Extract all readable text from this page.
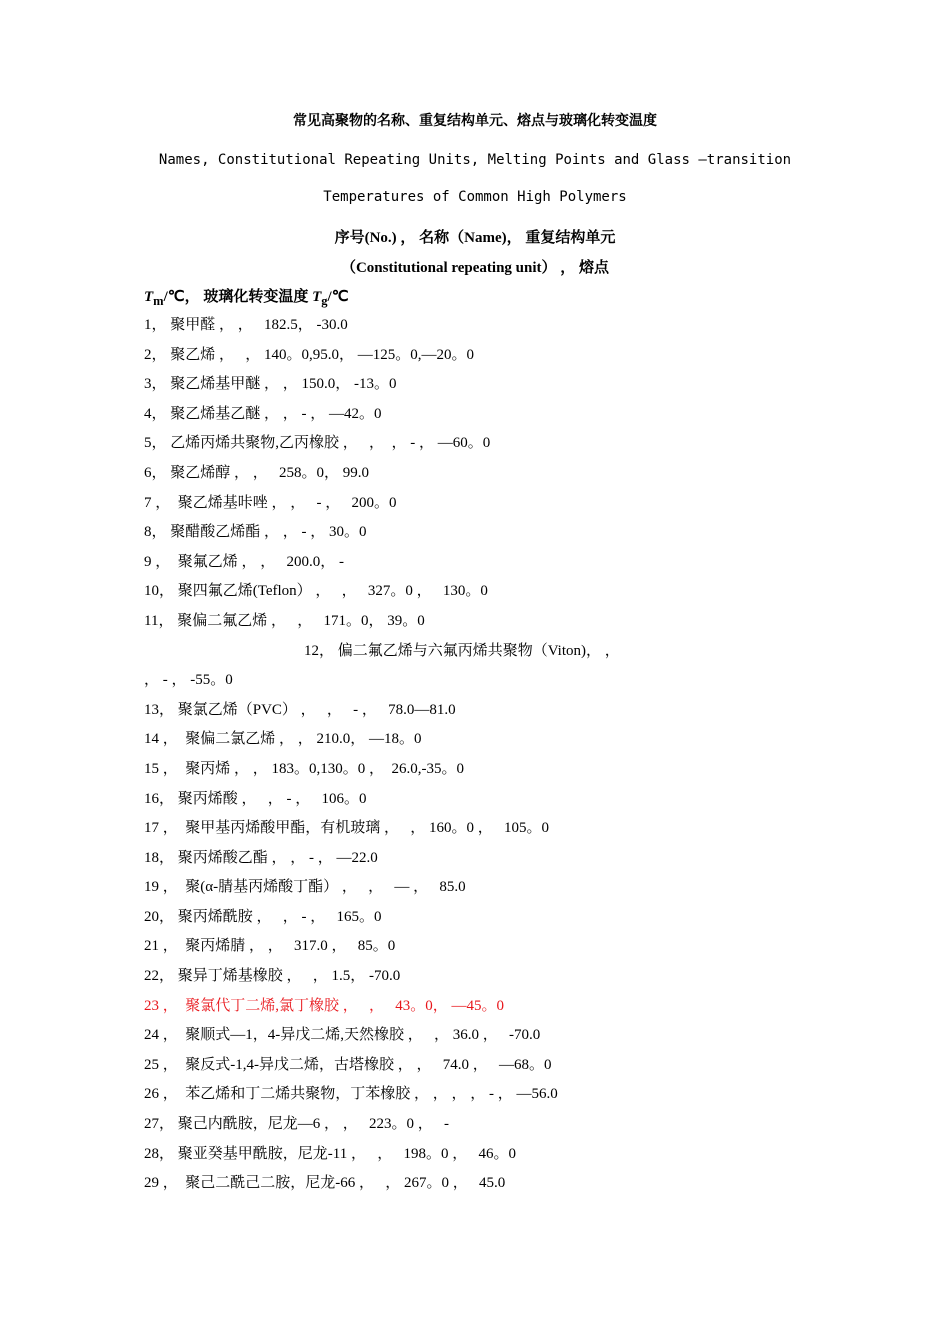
常见高聚物的名称、重复结构单元、熔点与玻璃化转变温度
Names, Constitutional Repeating Units, Melting Points and Glass —transition
Temperatures of Common High Polymers
序号(No.) ， 名称（Name)， 重复结构单元
（Constitutional repeating unit） ， 熔点
$T_m/℃$， 玻璃化转变温度 $T_g/℃$
1， 聚甲醛 ， ，   182.5， -30.0
2， 聚乙烯 ，   ， 140。0,95.0， —125。0,—20。0
3， 聚乙烯基甲醚 ， ， 150.0， -13。0
4， 聚乙烯基乙醚 ， ， - ， —42。0
5， 乙烯丙烯共聚物,乙丙橡胶 ，   ，  ， - ， —60。0
6， 聚乙烯醇 ， ，   258。0， 99.0
7 ，  聚乙烯基咔唑 ， ，   - ，   200。0
8， 聚醋酸乙烯酯 ， ， - ， 30。0
9 ，  聚氟乙烯 ， ，   200.0， -
10， 聚四氟乙烯(Teflon） ，   ，   327。0 ，   130。0
11， 聚偏二氟乙烯 ，   ，   171。0， 39。0
12， 偏二氟乙烯与六氟丙烯共聚物（Viton)， ，
， - ， -55。0
13， 聚氯乙烯（PVC） ，   ，   - ，   78.0—81.0
14 ，  聚偏二氯乙烯 ， ， 210.0， —18。0
15 ，  聚丙烯 ， ， 183。0,130。0 ，  26.0,-35。0
16， 聚丙烯酸 ，   ， - ，   106。0
17 ，  聚甲基丙烯酸甲酯，有机玻璃 ，   ， 160。0 ，   105。0
18， 聚丙烯酸乙酯 ， ， - ， —22.0
19 ，  聚(α-腈基丙烯酸丁酯） ，   ，   — ，   85.0
20， 聚丙烯酰胺 ，   ， - ，   165。0
21 ，  聚丙烯腈 ， ，   317.0 ，   85。0
22， 聚异丁烯基橡胶 ，   ， 1.5， -70.0
23 ，  聚氯代丁二烯,氯丁橡胶 ，   ，   43。0， —45。0
24 ，  聚顺式—1，4-异戊二烯,天然橡胶 ，   ， 36.0 ，   -70.0
25 ，  聚反式-1,4-异戊二烯，古塔橡胶 ， ，   74.0 ，   —68。0
26 ，  苯乙烯和丁二烯共聚物，丁苯橡胶 ， ， ， ， - ， —56.0
27， 聚己内酰胺，尼龙—6 ， ，   223。0 ，   -
28， 聚亚癸基甲酰胺，尼龙-11 ，   ，   198。0 ，   46。0
29 ，  聚己二酰己二胺，尼龙-66 ，   ， 267。0 ，   45.0
